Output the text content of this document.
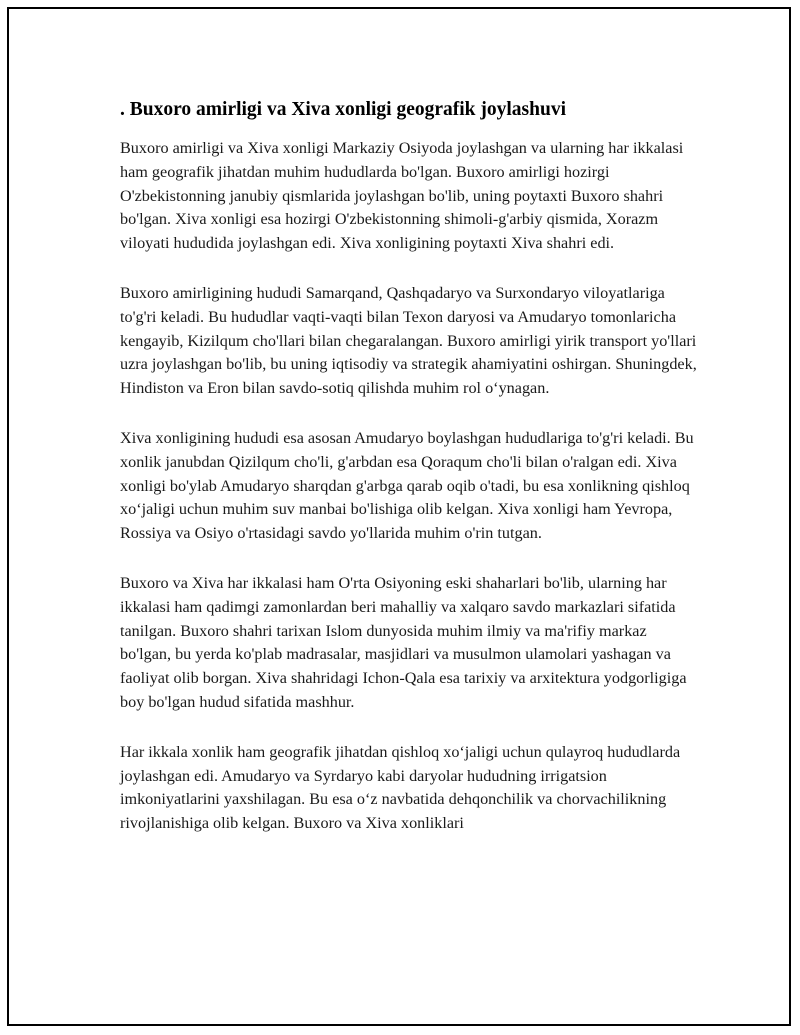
. Buxoro amirligi va Xiva xonligi geografik joylashuvi

Buxoro amirligi va Xiva xonligi Markaziy Osiyoda joylashgan va ularning har ikkalasi ham geografik jihatdan muhim hududlarda bo'lgan. Buxoro amirligi hozirgi O'zbekistonning janubiy qismlarida joylashgan bo'lib, uning poytaxti Buxoro shahri bo'lgan. Xiva xonligi esa hozirgi O'zbekistonning shimoli-g'arbiy qismida, Xorazm viloyati hududida joylashgan edi. Xiva xonligining poytaxti Xiva shahri edi.

Buxoro amirligining hududi Samarqand, Qashqadaryo va Surxondaryo viloyatlariga to'g'ri keladi. Bu hududlar vaqti-vaqti bilan Texon daryosi va Amudaryo tomonlaricha kengayib, Kizilqum cho'llari bilan chegaralangan. Buxoro amirligi yirik transport yo'llari uzra joylashgan bo'lib, bu uning iqtisodiy va strategik ahamiyatini oshirgan. Shuningdek, Hindiston va Eron bilan savdo-sotiq qilishda muhim rol oʻynagan.

Xiva xonligining hududi esa asosan Amudaryo boylashgan hududlariga to'g'ri keladi. Bu xonlik janubdan Qizilqum cho'li, g'arbdan esa Qoraqum cho'li bilan o'ralgan edi. Xiva xonligi bo'ylab Amudaryo sharqdan g'arbga qarab oqib o'tadi, bu esa xonlikning qishloq xoʻjaligi uchun muhim suv manbai bo'lishiga olib kelgan. Xiva xonligi ham Yevropa, Rossiya va Osiyo o'rtasidagi savdo yo'llarida muhim o'rin tutgan.

Buxoro va Xiva har ikkalasi ham O'rta Osiyoning eski shaharlari bo'lib, ularning har ikkalasi ham qadimgi zamonlardan beri mahalliy va xalqaro savdo markazlari sifatida tanilgan. Buxoro shahri tarixan Islom dunyosida muhim ilmiy va ma'rifiy markaz bo'lgan, bu yerda ko'plab madrasalar, masjidlari va musulmon ulamolari yashagan va faoliyat olib borgan. Xiva shahridagi Ichon-Qala esa tarixiy va arxitektura yodgorligiga boy bo'lgan hudud sifatida mashhur.

Har ikkala xonlik ham geografik jihatdan qishloq xoʻjaligi uchun qulayroq hududlarda joylashgan edi. Amudaryo va Syrdaryo kabi daryolar hududning irrigatsion imkoniyatlarini yaxshilagan. Bu esa oʻz navbatida dehqonchilik va chorvachilikning rivojlanishiga olib kelgan. Buxoro va Xiva xonliklari
